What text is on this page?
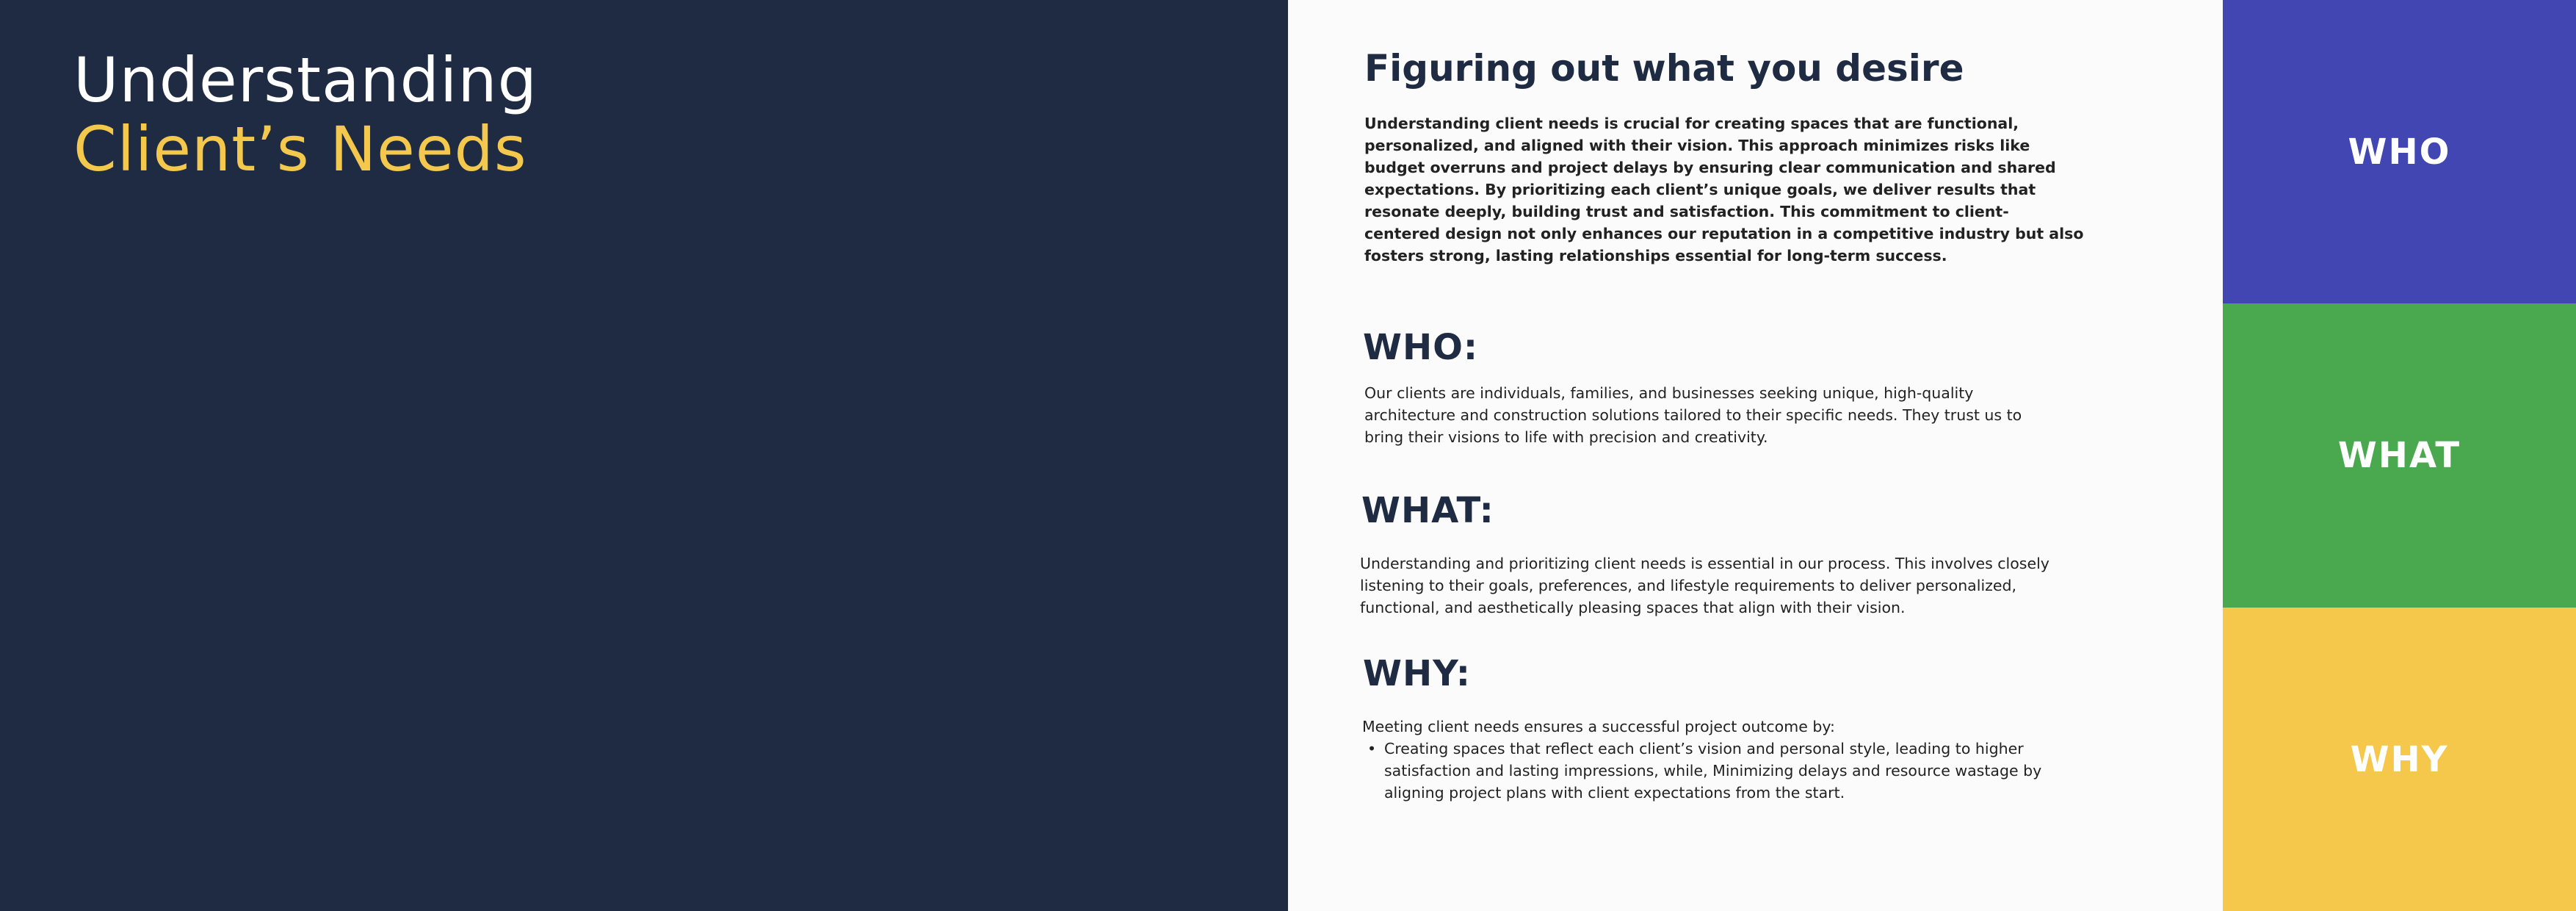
Understanding
Client’s Needs
Figuring out what you desire

Understanding client needs is crucial for creating spaces that are functional, personalized, and aligned with their vision. This approach minimizes risks like budget overruns and project delays by ensuring clear communication and shared expectations. By prioritizing each client’s unique goals, we deliver results that resonate deeply, building trust and satisfaction. This commitment to client-centered design not only enhances our reputation in a competitive industry but also fosters strong, lasting relationships essential for long-term success.

WHO:

Our clients are individuals, families, and businesses seeking unique, high-quality architecture and construction solutions tailored to their specific needs. They trust us to bring their visions to life with precision and creativity.

WHAT:

Understanding and prioritizing client needs is essential in our process. This involves closely listening to their goals, preferences, and lifestyle requirements to deliver personalized, functional, and aesthetically pleasing spaces that align with their vision.

WHY:

Meeting client needs ensures a successful project outcome by:

• Creating spaces that reflect each client’s vision and personal style, leading to higher satisfaction and lasting impressions, while, Minimizing delays and resource wastage by aligning project plans with client expectations from the start.
WHO
WHAT
WHY
